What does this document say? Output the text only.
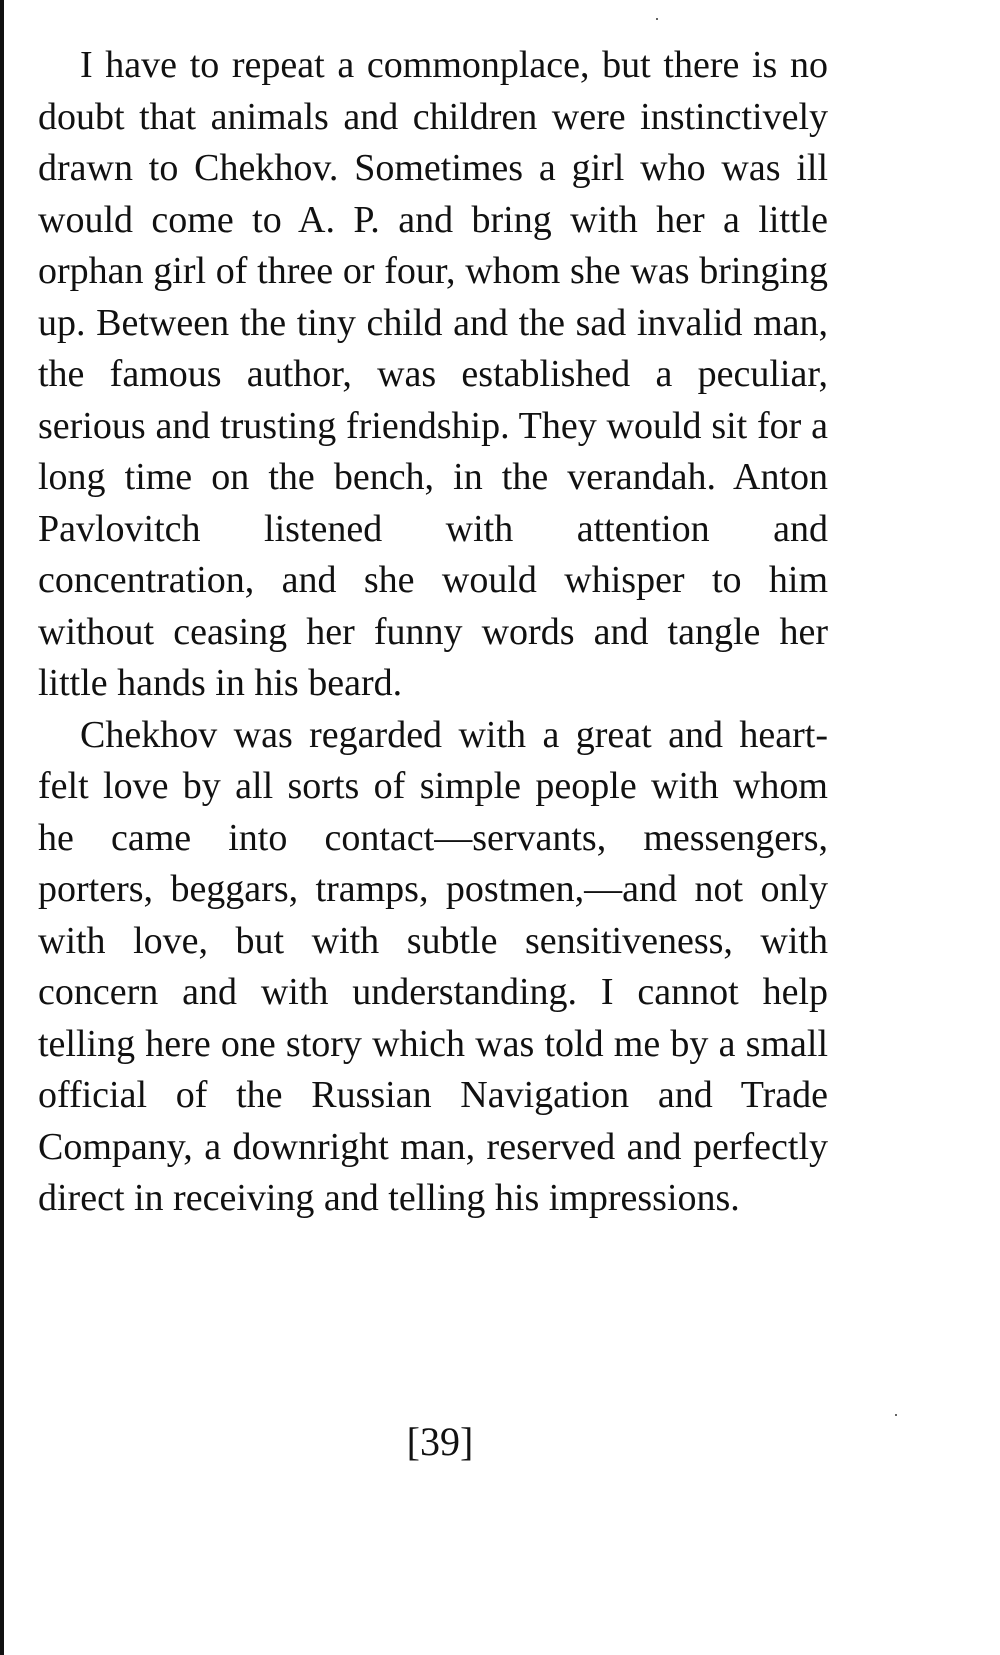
I have to repeat a commonplace, but there is no doubt that animals and children were instinctively drawn to Chekhov. Sometimes a girl who was ill would come to A. P. and bring with her a little orphan girl of three or four, whom she was bringing up. Between the tiny child and the sad invalid man, the famous author, was established a peculiar, serious and trusting friendship. They would sit for a long time on the bench, in the verandah. Anton Pavlovitch listened with attention and concentration, and she would whisper to him without ceasing her funny words and tangle her little hands in his beard.

Chekhov was regarded with a great and heart-felt love by all sorts of simple people with whom he came into contact—servants, messengers, porters, beggars, tramps, postmen,—and not only with love, but with subtle sensitiveness, with concern and with understanding. I cannot help telling here one story which was told me by a small official of the Russian Navigation and Trade Company, a downright man, reserved and perfectly direct in receiving and telling his impressions.

[39]
